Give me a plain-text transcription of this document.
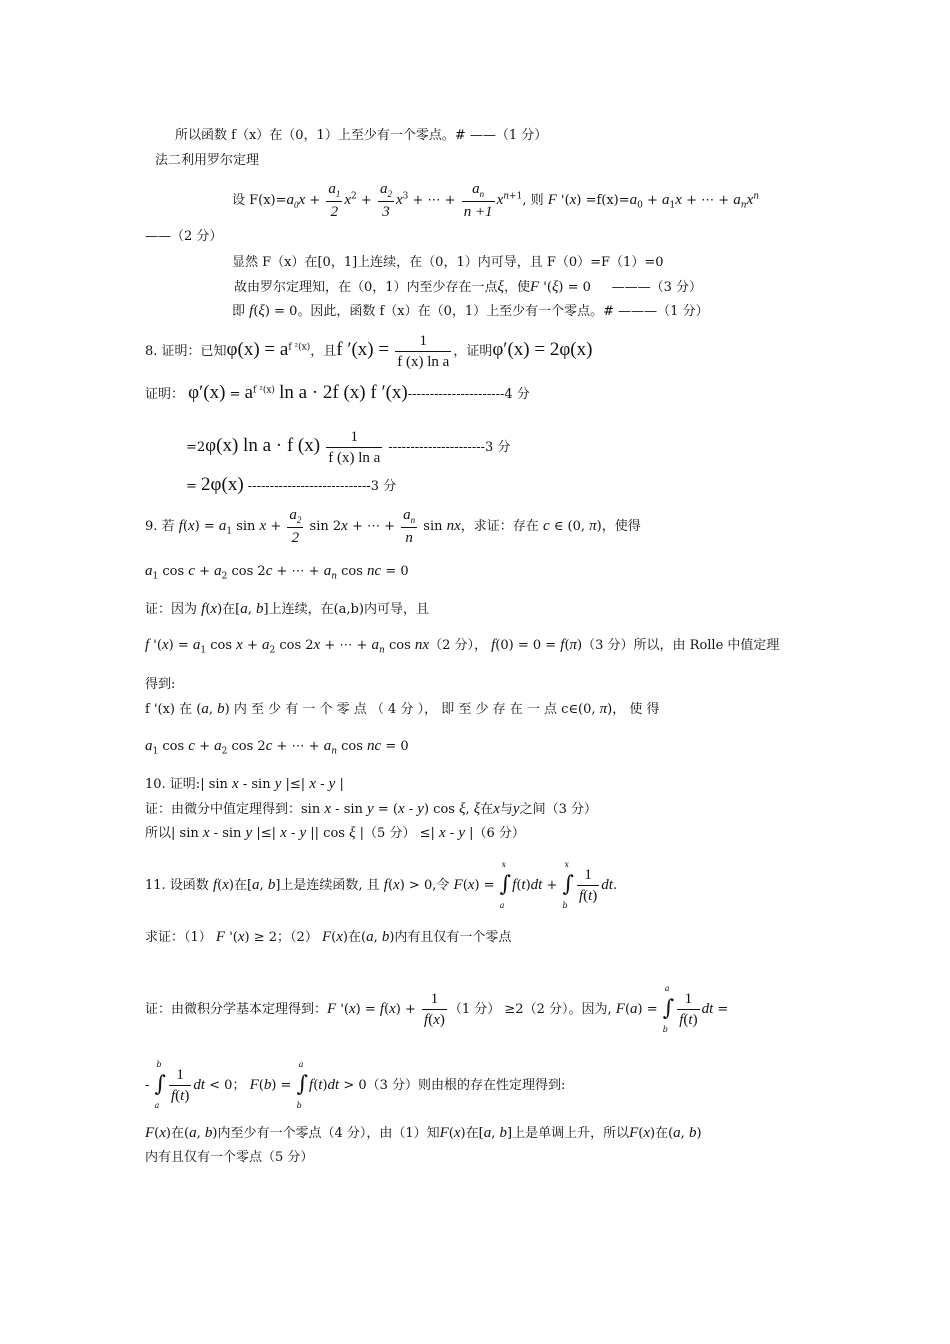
所以函数 f（x）在（0，1）上至少有一个零点。# ——（1 分）
法二利用罗尔定理
设 $F(x)=a_0x + \frac{a_1}{2} x^2 + \frac{a_2}{3} x^3$ + ⋯ + $\frac{a_n}{n +1} x^{n+1}$, 则 F '$(x) =f(x)=a_0 + a_1x$ + ⋯ + $a_nx^n$
——（2 分）
显然 F（x）在[0，1]上连续，在（0，1）内可导，且 F（0）=F（1）=0
故由罗尔定理知，在（0，1）内至少存在一点ξ，使F '(ξ) = 0     ———（3 分）
即 f(ξ) = 0。因此，函数 f（x）在（0，1）上至少有一个零点。# ———（1 分）
8. 证明：已知$\varphi(x) = a^{f ^2(x)}$，且f $'(x) = \frac{1}{\text{f (x) ln a}}$ ，证明φ′(x) = 2φ(x)
证明： $\varphi'(x) = a^{f ^2(x)}$ ln a · 2f (x) f ′(x)----------------------4 分
=2φ(x) ln a · f $(x) \frac{1}{\text{f (x) ln a}} ----------------------3$ 分
= 2φ(x) ----------------------------3 分
9. 若 $f(x) = a_1$ $\sin x + \frac{a_2}{2}$ sin 2x + ⋯ + $\frac{a_n}{n}$ sin nx，求证：存在 c ∈ (0, π)，使得
$a_1$ $\cos c + a_2$ cos 2c + ⋯ + $a_n$ cos nc = 0
证：因为 f(x)在[a, b]上连续，在(a,b)内可导，且
f '$(x) = a_1$ $\cos x + a_2$ cos 2x + ⋯ + $a_n$ cos nx（2 分）， f(0) = 0 = f(π)（3 分）所以，由 Rolle 中值定理
得到:
f '(x) 在 (a, b) 内 至 少 有 一 个 零 点 （ 4 分 ）， 即 至 少 存 在 一 点 c∈(0, π)， 使 得
$a_1$ $\cos c + a_2$ cos 2c + ⋯ + $a_n$ cos nc = 0
10. 证明:| sin x - sin y |≤| x - y |
证：由微分中值定理得到：sin x - sin y = (x - y) cos ξ, ξ在x与y之间（3 分）
所以| sin x - sin y |≤| x - y || cos ξ |（5 分） ≤| x - y |（6 分）
11. 设函数 f(x)在[a, b]上是连续函数, 且 f(x) > 0,令 F(x) = ∫
x
a
f(t)dt + ∫
x
b
$\frac{1}{f(t)}$ dt.
求证：（1） F '(x) ≥ 2；（2） F(x)在(a, b)内有且仅有一个零点
证：由微积分学基本定理得到：F '$(x) = f(x) + \frac{1}{f(x)} (1$ 分） ≥2（2 分）。因为, F(a) = ∫
a
b
$\frac{1}{f(t)}$ dt =
- ∫
b
a
$\frac{1}{f(t)}$ dt < 0； F(b) = ∫
a
b
f(t)dt > 0（3 分）则由根的存在性定理得到:
F(x)在(a, b)内至少有一个零点（4 分），由（1）知F(x)在[a, b]上是单调上升，所以F(x)在(a, b)
内有且仅有一个零点（5 分）
